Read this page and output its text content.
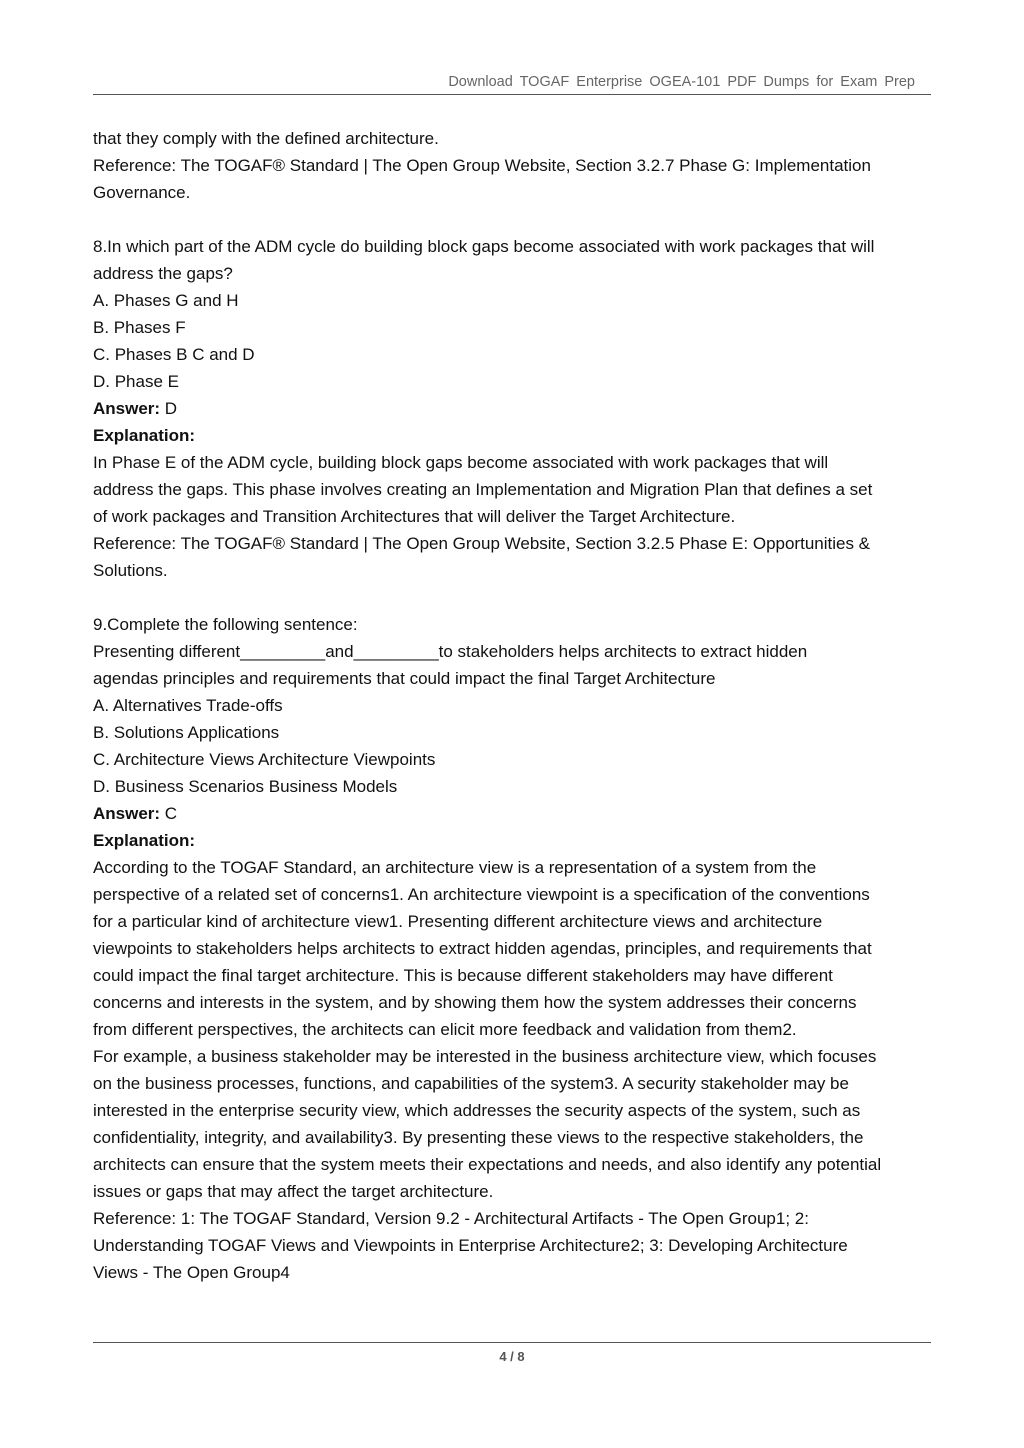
Download TOGAF Enterprise OGEA-101 PDF Dumps for Exam Prep
that they comply with the defined architecture.
Reference: The TOGAF® Standard | The Open Group Website, Section 3.2.7 Phase G: Implementation
Governance.
8.In which part of the ADM cycle do building block gaps become associated with work packages that will
address the gaps?
A. Phases G and H
B. Phases F
C. Phases B C and D
D. Phase E
Answer: D
Explanation:
In Phase E of the ADM cycle, building block gaps become associated with work packages that will
address the gaps. This phase involves creating an Implementation and Migration Plan that defines a set
of work packages and Transition Architectures that will deliver the Target Architecture.
Reference: The TOGAF® Standard | The Open Group Website, Section 3.2.5 Phase E: Opportunities &
Solutions.
9.Complete the following sentence:
Presenting different_________and_________to stakeholders helps architects to extract hidden
agendas principles and requirements that could impact the final Target Architecture
A. Alternatives Trade-offs
B. Solutions Applications
C. Architecture Views Architecture Viewpoints
D. Business Scenarios Business Models
Answer: C
Explanation:
According to the TOGAF Standard, an architecture view is a representation of a system from the
perspective of a related set of concerns1. An architecture viewpoint is a specification of the conventions
for a particular kind of architecture view1. Presenting different architecture views and architecture
viewpoints to stakeholders helps architects to extract hidden agendas, principles, and requirements that
could impact the final target architecture. This is because different stakeholders may have different
concerns and interests in the system, and by showing them how the system addresses their concerns
from different perspectives, the architects can elicit more feedback and validation from them2.
For example, a business stakeholder may be interested in the business architecture view, which focuses
on the business processes, functions, and capabilities of the system3. A security stakeholder may be
interested in the enterprise security view, which addresses the security aspects of the system, such as
confidentiality, integrity, and availability3. By presenting these views to the respective stakeholders, the
architects can ensure that the system meets their expectations and needs, and also identify any potential
issues or gaps that may affect the target architecture.
Reference: 1: The TOGAF Standard, Version 9.2 - Architectural Artifacts - The Open Group1; 2:
Understanding TOGAF Views and Viewpoints in Enterprise Architecture2; 3: Developing Architecture
Views - The Open Group4
4 / 8
